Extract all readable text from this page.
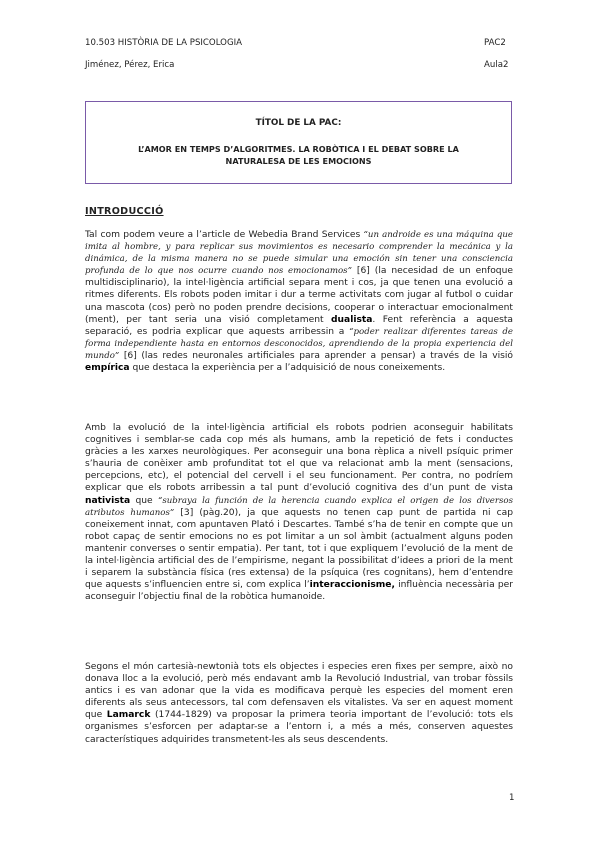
10.503 HISTÒRIA DE LA PSICOLOGIA	PAC2
Jiménez, Pérez, Erica	Aula2
TÍTOL DE LA PAC:
L’AMOR EN TEMPS D’ALGORITMES. LA ROBÒTICA I EL DEBAT SOBRE LA NATURALESA DE LES EMOCIONS
INTRODUCCIÓ
Tal com podem veure a l’article de Webedia Brand Services “un androide es una máquina que imita al hombre, y para replicar sus movimientos es necesario comprender la mecánica y la dinámica, de la misma manera no se puede simular una emoción sin tener una consciencia profunda de lo que nos ocurre cuando nos emocionamos” [6] (la necesidad de un enfoque multidisciplinario), la intel·ligència artificial separa ment i cos, ja que tenen una evolució a ritmes diferents. Els robots poden imitar i dur a terme activitats com jugar al futbol o cuidar una mascota (cos) però no poden prendre decisions, cooperar o interactuar emocionalment (ment), per tant seria una visió completament dualista. Fent referència a aquesta separació, es podria explicar que aquests arribessin a “poder realizar diferentes tareas de forma independiente hasta en entornos desconocidos, aprendiendo de la propia experiencia del mundo” [6] (las redes neuronales artificiales para aprender a pensar) a través de la visió empírica que destaca la experiència per a l’adquisició de nous coneixements.
Amb la evolució de la intel·ligència artificial els robots podrien aconseguir habilitats cognitives i semblar-se cada cop més als humans, amb la repetició de fets i conductes gràcies a les xarxes neurològiques. Per aconseguir una bona rèplica a nivell psíquic primer s’hauria de conèixer amb profunditat tot el que va relacionat amb la ment (sensacions, percepcions, etc), el potencial del cervell i el seu funcionament. Per contra, no podríem explicar que els robots arribessin a tal punt d’evolució cognitiva des d’un punt de vista nativista que “subraya la función de la herencia cuando explica el origen de los diversos atributos humanos” [3] (pàg.20), ja que aquests no tenen cap punt de partida ni cap coneixement innat, com apuntaven Plató i Descartes. També s’ha de tenir en compte que un robot capaç de sentir emocions no es pot limitar a un sol àmbit (actualment alguns poden mantenir converses o sentir empatia). Per tant, tot i que expliquem l’evolució de la ment de la intel·ligència artificial des de l’empirisme, negant la possibilitat d’idees a priori de la ment i separem la substància física (res extensa) de la psíquica (res cognitans), hem d’entendre que aquests s’influencien entre si, com explica l’interaccionisme, influència necessària per aconseguir l’objectiu final de la robòtica humanoide.
Segons el món cartesià-newtonià tots els objectes i especies eren fixes per sempre, això no donava lloc a la evolució, però més endavant amb la Revolució Industrial, van trobar fòssils antics i es van adonar que la vida es modificava perquè les especies del moment eren diferents als seus antecessors, tal com defensaven els vitalistes. Va ser en aquest moment que Lamarck (1744-1829) va proposar la primera teoria important de l’evolució: tots els organismes s’esforcen per adaptar-se a l’entorn i, a més a més, conserven aquestes característiques adquirides transmetent-les als seus descendents.
1
